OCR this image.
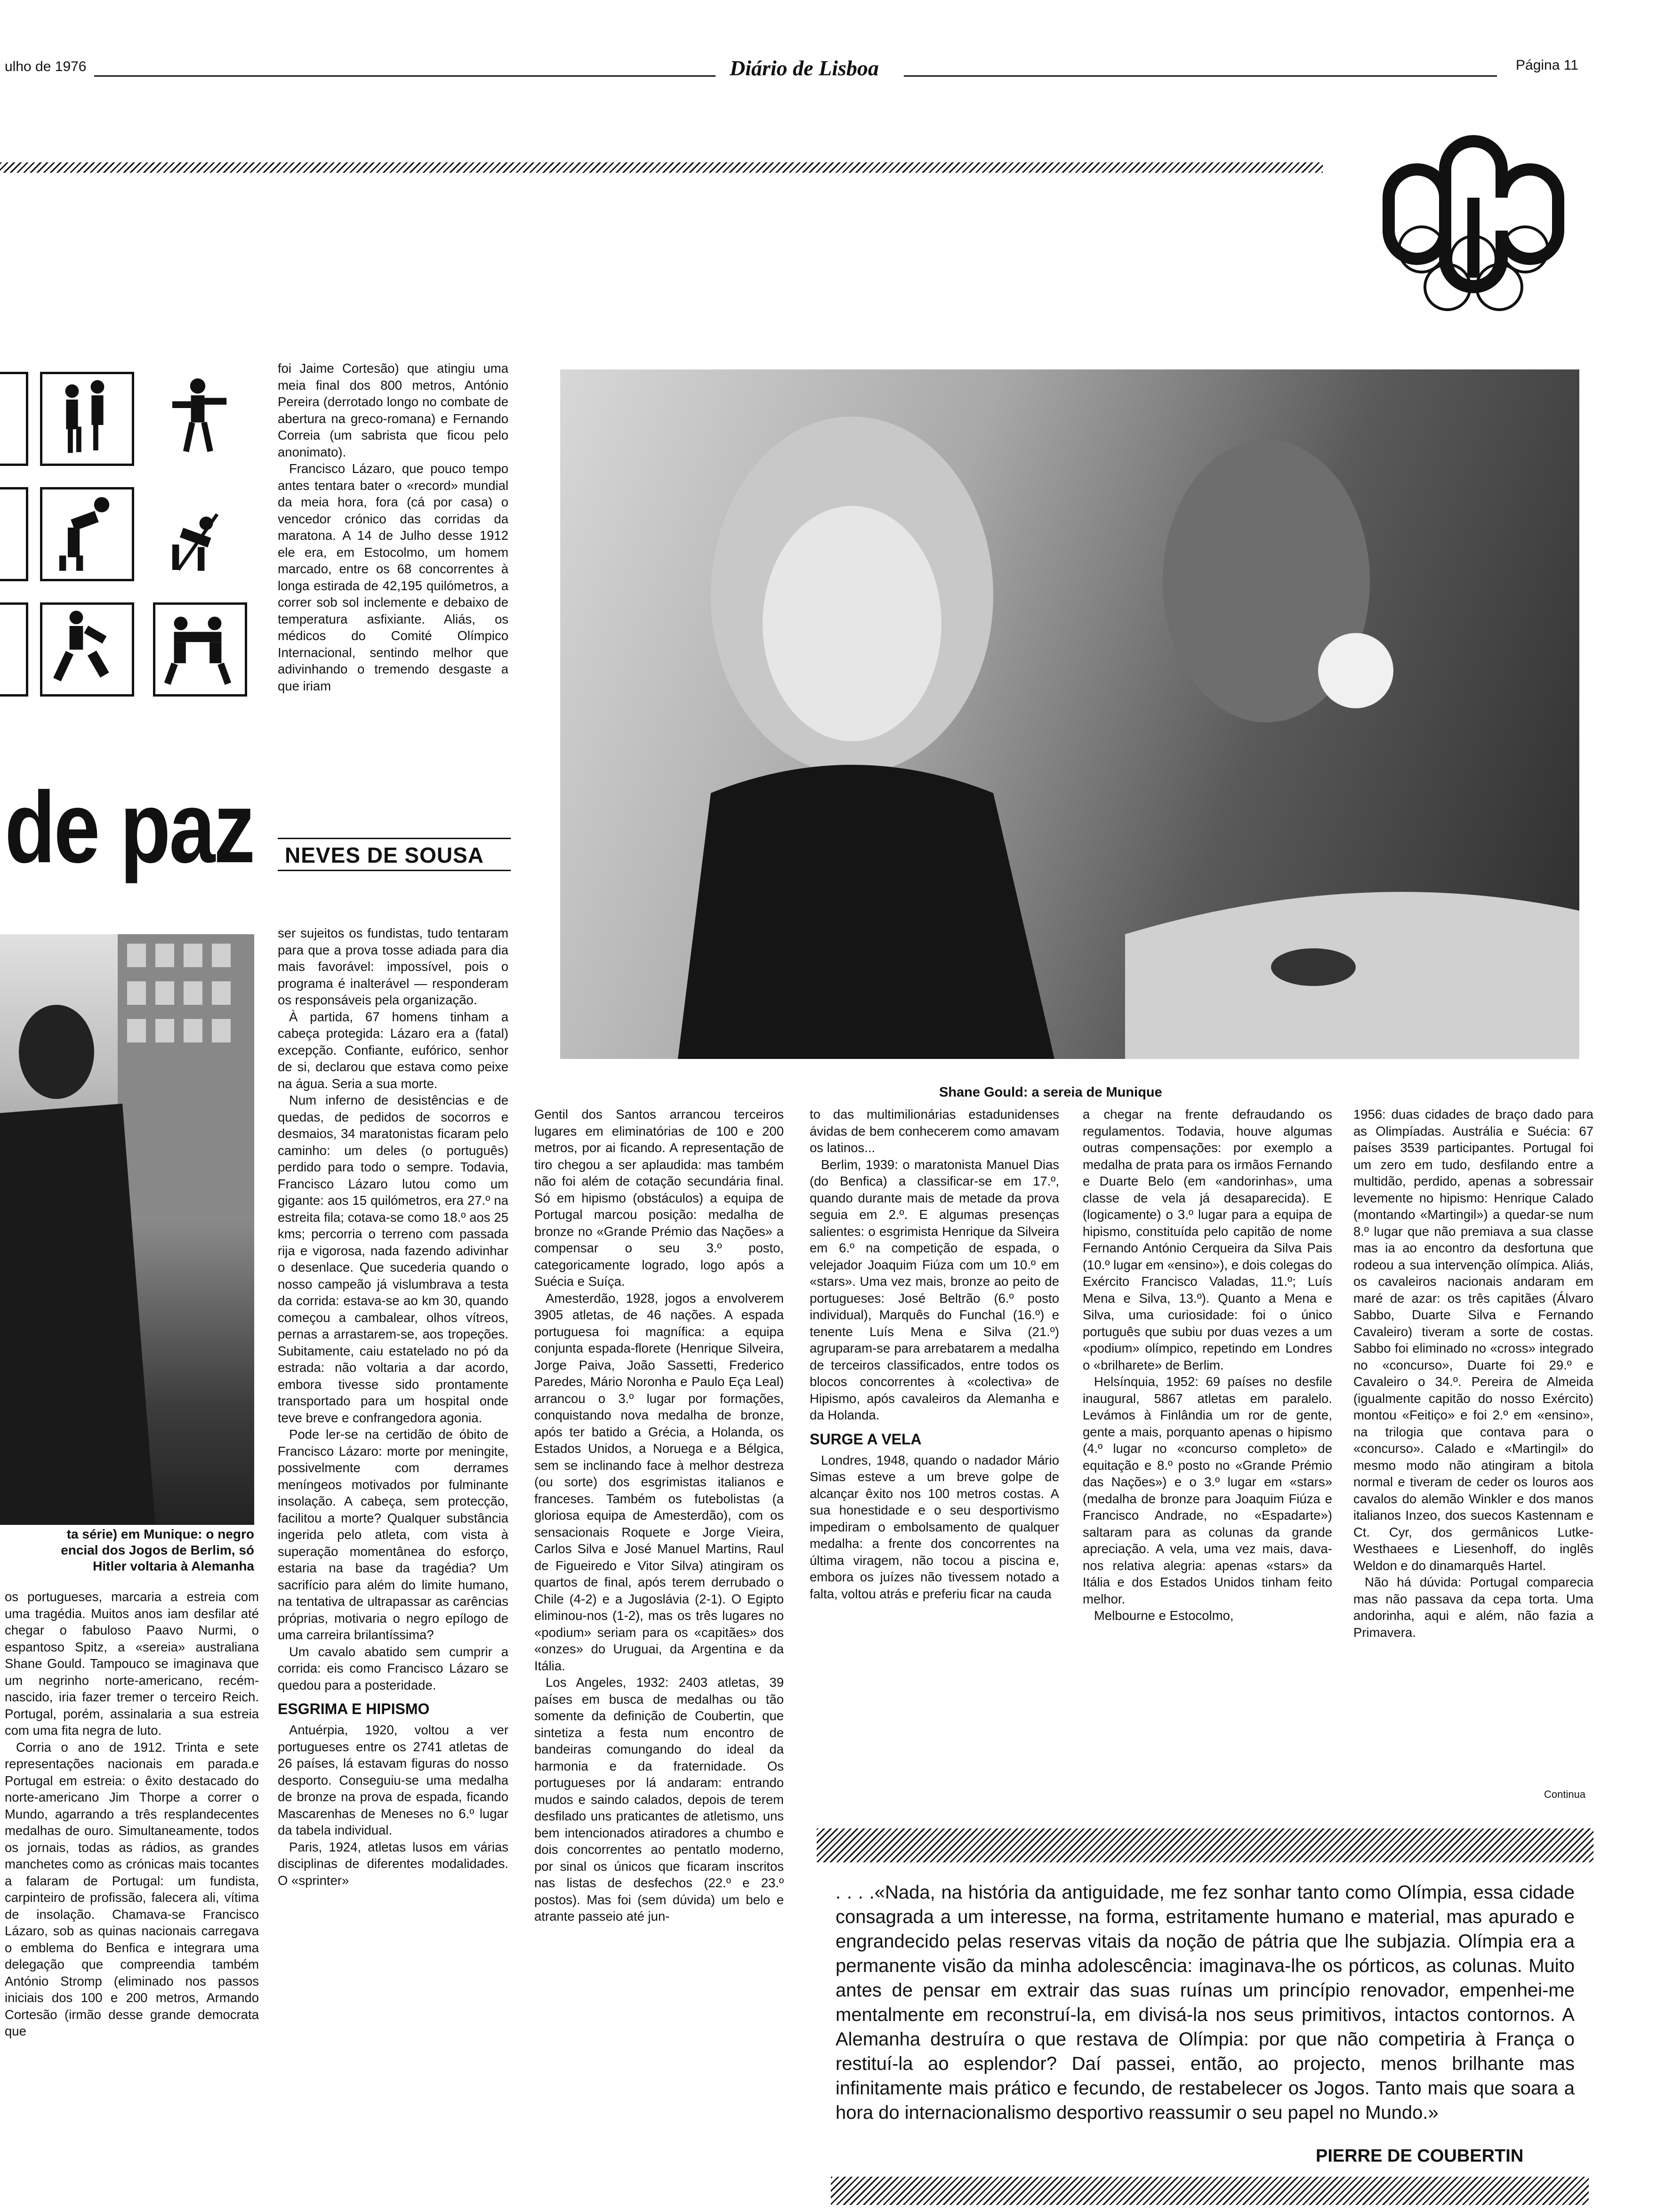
ulho de 1976	Diário de Lisboa	Página 11
de paz NEVES DE SOUSA
ta série) em Munique: o negro
encial dos Jogos de Berlim, só
Hitler voltaria à Alemanha
Shane Gould: a sereia de Munique

foi Jaime Cortesão) que atingiu uma meia final dos 800 metros, António Pereira (derrotado longo no combate de abertura na greco-romana) e Fernando Correia (um sabrista que ficou pelo anonimato).

Francisco Lázaro, que pouco tempo antes tentara bater o «record» mundial da meia hora, fora (cá por casa) o vencedor crónico das corridas da maratona. A 14 de Julho desse 1912 ele era, em Estocolmo, um homem marcado, entre os 68 concorrentes à longa estirada de 42,195 quilómetros, a correr sob sol inclemente e debaixo de temperatura asfixiante. Aliás, os médicos do Comité Olímpico Internacional, sentindo melhor que adivinhando o tremendo desgaste a que iriam

ser sujeitos os fundistas, tudo tentaram para que a prova tosse adiada para dia mais favorável: impossível, pois o programa é inalterável — responderam os responsáveis pela organização.

À partida, 67 homens tinham a cabeça protegida: Lázaro era a (fatal) excepção. Confiante, eufórico, senhor de si, declarou que estava como peixe na água. Seria a sua morte.

Num inferno de desistências e de quedas, de pedidos de socorros e desmaios, 34 maratonistas ficaram pelo caminho: um deles (o português) perdido para todo o sempre. Todavia, Francisco Lázaro lutou como um gigante: aos 15 quilómetros, era 27.º na estreita fila; cotava-se como 18.º aos 25 kms; percorria o terreno com passada rija e vigorosa, nada fazendo adivinhar o desenlace. Que sucederia quando o nosso campeão já vislumbrava a testa da corrida: estava-se ao km 30, quando começou a cambalear, olhos vítreos, pernas a arrastarem-se, aos tropeções. Subitamente, caiu estatelado no pó da estrada: não voltaria a dar acordo, embora tivesse sido prontamente transportado para um hospital onde teve breve e confrangedora agonia.

Pode ler-se na certidão de óbito de Francisco Lázaro: morte por meningite, possivelmente com derrames meníngeos motivados por fulminante insolação. A cabeça, sem protecção, facilitou a morte? Qualquer substância ingerida pelo atleta, com vista à superação momentânea do esforço, estaria na base da tragédia? Um sacrifício para além do limite humano, na tentativa de ultrapassar as carências próprias, motivaria o negro epílogo de uma carreira brilantíssima?

Um cavalo abatido sem cumprir a corrida: eis como Francisco Lázaro se quedou para a posteridade.

ESGRIMA E HIPISMO

Antuérpia, 1920, voltou a ver portugueses entre os 2741 atletas de 26 países, lá estavam figuras do nosso desporto. Conseguiu-se uma medalha de bronze na prova de espada, ficando Mascarenhas de Meneses no 6.º lugar da tabela individual.

Paris, 1924, atletas lusos em várias disciplinas de diferentes modalidades. O «sprinter»

os portugueses, marcaria a estreia com uma tragédia. Muitos anos iam desfilar até chegar o fabuloso Paavo Nurmi, o espantoso Spitz, a «sereia» australiana Shane Gould. Tampouco se imaginava que um negrinho norte-americano, recém-nascido, iria fazer tremer o terceiro Reich. Portugal, porém, assinalaria a sua estreia com uma fita negra de luto.

Corria o ano de 1912. Trinta e sete representações nacionais em parada.e Portugal em estreia: o êxito destacado do norte-americano Jim Thorpe a correr o Mundo, agarrando a três resplandecentes medalhas de ouro. Simultaneamente, todos os jornais, todas as rádios, as grandes manchetes como as crónicas mais tocantes a falaram de Portugal: um fundista, carpinteiro de profissão, falecera ali, vítima de insolação. Chamava-se Francisco Lázaro, sob as quinas nacionais carregava o emblema do Benfica e integrara uma delegação que compreendia também António Stromp (eliminado nos passos iniciais dos 100 e 200 metros, Armando Cortesão (irmão desse grande democrata que

Gentil dos Santos arrancou terceiros lugares em eliminatórias de 100 e 200 metros, por ai ficando. A representação de tiro chegou a ser aplaudida: mas também não foi além de cotação secundária final. Só em hipismo (obstáculos) a equipa de Portugal marcou posição: medalha de bronze no «Grande Prémio das Nações» a compensar o seu 3.º posto, categoricamente logrado, logo após a Suécia e Suíça.

Amesterdão, 1928, jogos a envolverem 3905 atletas, de 46 nações. A espada portuguesa foi magnífica: a equipa conjunta espada-florete (Henrique Silveira, Jorge Paiva, João Sassetti, Frederico Paredes, Mário Noronha e Paulo Eça Leal) arrancou o 3.º lugar por formações, conquistando nova medalha de bronze, após ter batido a Grécia, a Holanda, os Estados Unidos, a Noruega e a Bélgica, sem se inclinando face à melhor destreza (ou sorte) dos esgrimistas italianos e franceses. Também os futebolistas (a gloriosa equipa de Amesterdão), com os sensacionais Roquete e Jorge Vieira, Carlos Silva e José Manuel Martins, Raul de Figueiredo e Vitor Silva) atingiram os quartos de final, após terem derrubado o Chile (4-2) e a Jugoslávia (2-1). O Egipto eliminou-nos (1-2), mas os três lugares no «podium» seriam para os «capitães» dos «onzes» do Uruguai, da Argentina e da Itália.

Los Angeles, 1932: 2403 atletas, 39 países em busca de medalhas ou tão somente da definição de Coubertin, que sintetiza a festa num encontro de bandeiras comungando do ideal da harmonia e da fraternidade. Os portugueses por lá andaram: entrando mudos e saindo calados, depois de terem desfilado uns praticantes de atletismo, uns bem intencionados atiradores a chumbo e dois concorrentes ao pentatlo moderno, por sinal os únicos que ficaram inscritos nas listas de desfechos (22.º e 23.º postos). Mas foi (sem dúvida) um belo e atrante passeio até jun-

to das multimilionárias estadunidenses ávidas de bem conhecerem como amavam os latinos...

Berlim, 1939: o maratonista Manuel Dias (do Benfica) a classificar-se em 17.º, quando durante mais de metade da prova seguia em 2.º. E algumas presenças salientes: o esgrimista Henrique da Silveira em 6.º na competição de espada, o velejador Joaquim Fiúza com um 10.º em «stars». Uma vez mais, bronze ao peito de portugueses: José Beltrão (6.º posto individual), Marquês do Funchal (16.º) e tenente Luís Mena e Silva (21.º) agruparam-se para arrebatarem a medalha de terceiros classificados, entre todos os blocos concorrentes à «colectiva» de Hipismo, após cavaleiros da Alemanha e da Holanda.

SURGE A VELA

Londres, 1948, quando o nadador Mário Simas esteve a um breve golpe de alcançar êxito nos 100 metros costas. A sua honestidade e o seu desportivismo impediram o embolsamento de qualquer medalha: a frente dos concorrentes na última viragem, não tocou a piscina e, embora os juízes não tivessem notado a falta, voltou atrás e preferiu ficar na cauda

a chegar na frente defraudando os regulamentos. Todavia, houve algumas outras compensações: por exemplo a medalha de prata para os irmãos Fernando e Duarte Belo (em «andorinhas», uma classe de vela já desaparecida). E (logicamente) o 3.º lugar para a equipa de hipismo, constituída pelo capitão de nome Fernando António Cerqueira da Silva Pais (10.º lugar em «ensino»), e dois colegas do Exército Francisco Valadas, 11.º; Luís Mena e Silva, 13.º). Quanto a Mena e Silva, uma curiosidade: foi o único português que subiu por duas vezes a um «podium» olímpico, repetindo em Londres o «brilharete» de Berlim.

Helsínquia, 1952: 69 países no desfile inaugural, 5867 atletas em paralelo. Levámos à Finlândia um ror de gente, gente a mais, porquanto apenas o hipismo (4.º lugar no «concurso completo» de equitação e 8.º posto no «Grande Prémio das Nações») e o 3.º lugar em «stars» (medalha de bronze para Joaquim Fiúza e Francisco Andrade, no «Espadarte») saltaram para as colunas da grande apreciação. A vela, uma vez mais, dava-nos relativa alegria: apenas «stars» da Itália e dos Estados Unidos tinham feito melhor.

Melbourne e Estocolmo,

1956: duas cidades de braço dado para as Olimpíadas. Austrália e Suécia: 67 países 3539 participantes. Portugal foi um zero em tudo, desfilando entre a multidão, perdido, apenas a sobressair levemente no hipismo: Henrique Calado (montando «Martingil») a quedar-se num 8.º lugar que não premiava a sua classe mas ia ao encontro da desfortuna que rodeou a sua intervenção olímpica. Aliás, os cavaleiros nacionais andaram em maré de azar: os três capitães (Álvaro Sabbo, Duarte Silva e Fernando Cavaleiro) tiveram a sorte de costas. Sabbo foi eliminado no «cross» integrado no «concurso», Duarte foi 29.º e Cavaleiro o 34.º. Pereira de Almeida (igualmente capitão do nosso Exército) montou «Feitiço» e foi 2.º em «ensino», na trilogia que contava para o «concurso». Calado e «Martingil» do mesmo modo não atingiram a bitola normal e tiveram de ceder os louros aos cavalos do alemão Winkler e dos manos italianos Inzeo, dos suecos Kastennam e Ct. Cyr, dos germânicos Lutke-Westhaees e Liesenhoff, do inglês Weldon e do dinamarquês Hartel.

Não há dúvida: Portugal comparecia mas não passava da cepa torta. Uma andorinha, aqui e além, não fazia a Primavera.

Continua
. . . .«Nada, na história da antiguidade, me fez sonhar tanto como Olímpia, essa cidade consagrada a um interesse, na forma, estritamente humano e material, mas apurado e engrandecido pelas reservas vitais da noção de pátria que lhe subjazia. Olímpia era a permanente visão da minha adolescência: imaginava-lhe os pórticos, as colunas. Muito antes de pensar em extrair das suas ruínas um princípio renovador, empenhei-me mentalmente em reconstruí-la, em divisá-la nos seus primitivos, intactos contornos. A Alemanha destruíra o que restava de Olímpia: por que não competiria à França o restituí-la ao esplendor? Daí passei, então, ao projecto, menos brilhante mas infinitamente mais prático e fecundo, de restabelecer os Jogos. Tanto mais que soara a hora do internacionalismo desportivo reassumir o seu papel no Mundo.»
PIERRE DE COUBERTIN
